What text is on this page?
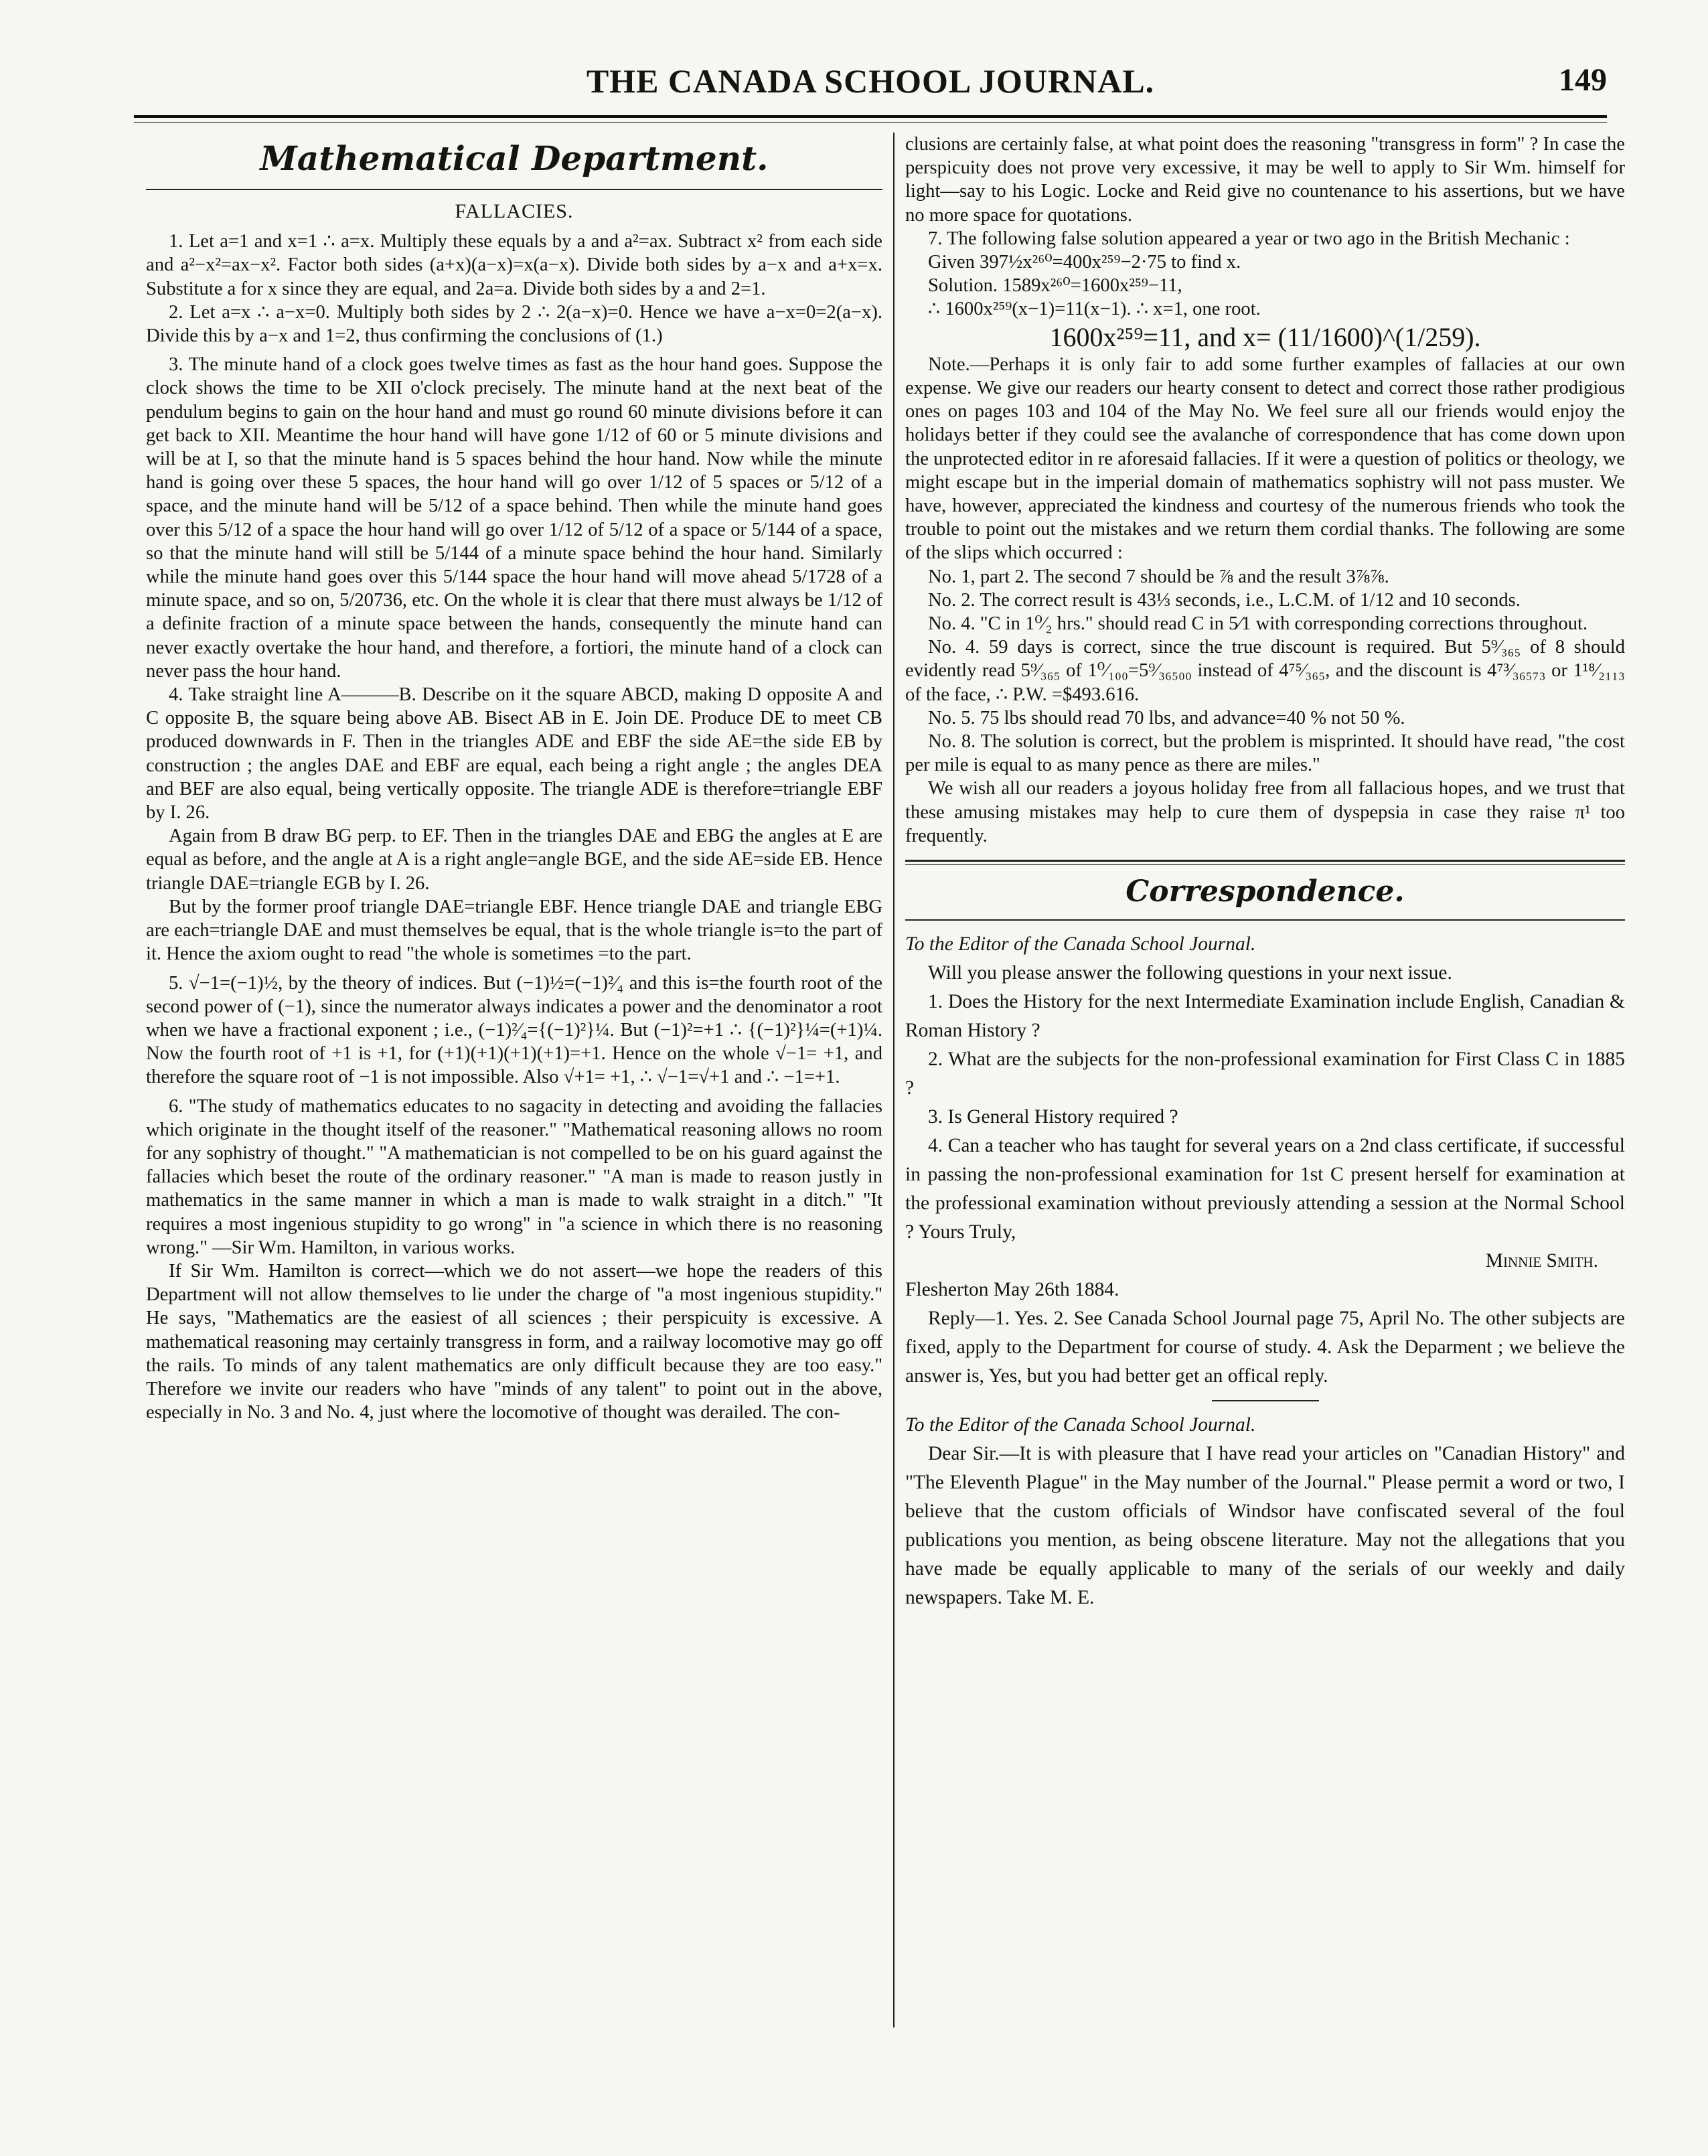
THE CANADA SCHOOL JOURNAL.	149
Mathematical Department.
FALLACIES.

1. Let a=1 and x=1 ∴ a=x. Multiply these equals by a and a²=ax. Subtract x² from each side and a²−x²=ax−x². Factor both sides (a+x)(a−x)=x(a−x). Divide both sides by a−x and a+x=x. Substitute a for x since they are equal, and 2a=a. Divide both sides by a and 2=1.

2. Let a=x ∴ a−x=0. Multiply both sides by 2 ∴ 2(a−x)=0. Hence we have a−x=0=2(a−x). Divide this by a−x and 1=2, thus confirming the conclusions of (1.)

3. The minute hand of a clock goes twelve times as fast as the hour hand goes. Suppose the clock shows the time to be XII o'clock precisely. The minute hand at the next beat of the pendulum begins to gain on the hour hand and must go round 60 minute divisions before it can get back to XII. Meantime the hour hand will have gone 1/12 of 60 or 5 minute divisions and will be at I, so that the minute hand is 5 spaces behind the hour hand. Now while the minute hand is going over these 5 spaces, the hour hand will go over 1/12 of 5 spaces or 5/12 of a space, and the minute hand will be 5/12 of a space behind. Then while the minute hand goes over this 5/12 of a space the hour hand will go over 1/12 of 5/12 of a space or 5/144 of a space, so that the minute hand will still be 5/144 of a minute space behind the hour hand. Similarly while the minute hand goes over this 5/144 space the hour hand will move ahead 5/1728 of a minute space, and so on, 5/20736, etc. On the whole it is clear that there must always be 1/12 of a definite fraction of a minute space between the hands, consequently the minute hand can never exactly overtake the hour hand, and therefore, a fortiori, the minute hand of a clock can never pass the hour hand.

4. Take straight line A———B. Describe on it the square ABCD, making D opposite A and C opposite B, the square being above AB. Bisect AB in E. Join DE. Produce DE to meet CB produced downwards in F. Then in the triangles ADE and EBF the side AE=the side EB by construction ; the angles DAE and EBF are equal, each being a right angle ; the angles DEA and BEF are also equal, being vertically opposite. The triangle ADE is therefore=triangle EBF by I. 26.

Again from B draw BG perp. to EF. Then in the triangles DAE and EBG the angles at E are equal as before, and the angle at A is a right angle=angle BGE, and the side AE=side EB. Hence triangle DAE=triangle EGB by I. 26.

But by the former proof triangle DAE=triangle EBF. Hence triangle DAE and triangle EBG are each=triangle DAE and must themselves be equal, that is the whole triangle is=to the part of it. Hence the axiom ought to read "the whole is sometimes =to the part.

5. √−1=(−1)½, by the theory of indices. But (−1)½=(−1)²⁄₄ and this is=the fourth root of the second power of (−1), since the numerator always indicates a power and the denominator a root when we have a fractional exponent ; i.e., (−1)²⁄₄={(−1)²}¼. But (−1)²=+1 ∴ {(−1)²}¼=(+1)¼. Now the fourth root of +1 is +1, for (+1)(+1)(+1)(+1)=+1. Hence on the whole √−1= +1, and therefore the square root of −1 is not impossible. Also √+1= +1, ∴ √−1=√+1 and ∴ −1=+1.

6. "The study of mathematics educates to no sagacity in detecting and avoiding the fallacies which originate in the thought itself of the reasoner." "Mathematical reasoning allows no room for any sophistry of thought." "A mathematician is not compelled to be on his guard against the fallacies which beset the route of the ordinary reasoner." "A man is made to reason justly in mathematics in the same manner in which a man is made to walk straight in a ditch." "It requires a most ingenious stupidity to go wrong" in "a science in which there is no reasoning wrong." —Sir Wm. Hamilton, in various works.

If Sir Wm. Hamilton is correct—which we do not assert—we hope the readers of this Department will not allow themselves to lie under the charge of "a most ingenious stupidity." He says, "Mathematics are the easiest of all sciences ; their perspicuity is excessive. A mathematical reasoning may certainly transgress in form, and a railway locomotive may go off the rails. To minds of any talent mathematics are only difficult because they are too easy." Therefore we invite our readers who have "minds of any talent" to point out in the above, especially in No. 3 and No. 4, just where the locomotive of thought was derailed. The con-

clusions are certainly false, at what point does the reasoning "transgress in form" ? In case the perspicuity does not prove very excessive, it may be well to apply to Sir Wm. himself for light—say to his Logic. Locke and Reid give no countenance to his assertions, but we have no more space for quotations.

7. The following false solution appeared a year or two ago in the British Mechanic :

Given 397½x²⁶⁰=400x²⁵⁹−2·75 to find x.

Solution. 1589x²⁶⁰=1600x²⁵⁹−11,

∴ 1600x²⁵⁹(x−1)=11(x−1). ∴ x=1, one root.

1600x²⁵⁹=11, and x= (11/1600)^(1/259).

Note.—Perhaps it is only fair to add some further examples of fallacies at our own expense. We give our readers our hearty consent to detect and correct those rather prodigious ones on pages 103 and 104 of the May No. We feel sure all our friends would enjoy the holidays better if they could see the avalanche of correspondence that has come down upon the unprotected editor in re aforesaid fallacies. If it were a question of politics or theology, we might escape but in the imperial domain of mathematics sophistry will not pass muster. We have, however, appreciated the kindness and courtesy of the numerous friends who took the trouble to point out the mistakes and we return them cordial thanks. The following are some of the slips which occurred :

No. 1, part 2. The second 7 should be ⅞ and the result 3⅞⅞.

No. 2. The correct result is 43⅓ seconds, i.e., L.C.M. of 1/12 and 10 seconds.

No. 4. "C in 1⁰⁄₂ hrs." should read C in 5⁄1 with corresponding corrections throughout.

No. 4. 59 days is correct, since the true discount is required. But 5⁹⁄₃₆₅ of 8 should evidently read 5⁹⁄₃₆₅ of 1⁰⁄₁₀₀=5⁹⁄₃₆₅₀₀ instead of 4⁷⁵⁄₃₆₅, and the discount is 4⁷³⁄₃₆₅₇₃ or 1¹⁸⁄₂₁₁₃ of the face, ∴ P.W. =$493.616.

No. 5. 75 lbs should read 70 lbs, and advance=40 % not 50 %.

No. 8. The solution is correct, but the problem is misprinted. It should have read, "the cost per mile is equal to as many pence as there are miles."

We wish all our readers a joyous holiday free from all fallacious hopes, and we trust that these amusing mistakes may help to cure them of dyspepsia in case they raise π¹ too frequently.

Correspondence.

To the Editor of the Canada School Journal.

Will you please answer the following questions in your next issue.

1. Does the History for the next Intermediate Examination include English, Canadian & Roman History ?

2. What are the subjects for the non-professional examination for First Class C in 1885 ?

3. Is General History required ?

4. Can a teacher who has taught for several years on a 2nd class certificate, if successful in passing the non-professional examination for 1st C present herself for examination at the professional examination without previously attending a session at the Normal School ? Yours Truly,

Minnie Smith.

Flesherton May 26th 1884.

Reply—1. Yes. 2. See Canada School Journal page 75, April No. The other subjects are fixed, apply to the Department for course of study. 4. Ask the Deparment ; we believe the answer is, Yes, but you had better get an offical reply.

To the Editor of the Canada School Journal.

Dear Sir.—It is with pleasure that I have read your articles on "Canadian History" and "The Eleventh Plague" in the May number of the Journal." Please permit a word or two, I believe that the custom officials of Windsor have confiscated several of the foul publications you mention, as being obscene literature. May not the allegations that you have made be equally applicable to many of the serials of our weekly and daily newspapers. Take M. E.
